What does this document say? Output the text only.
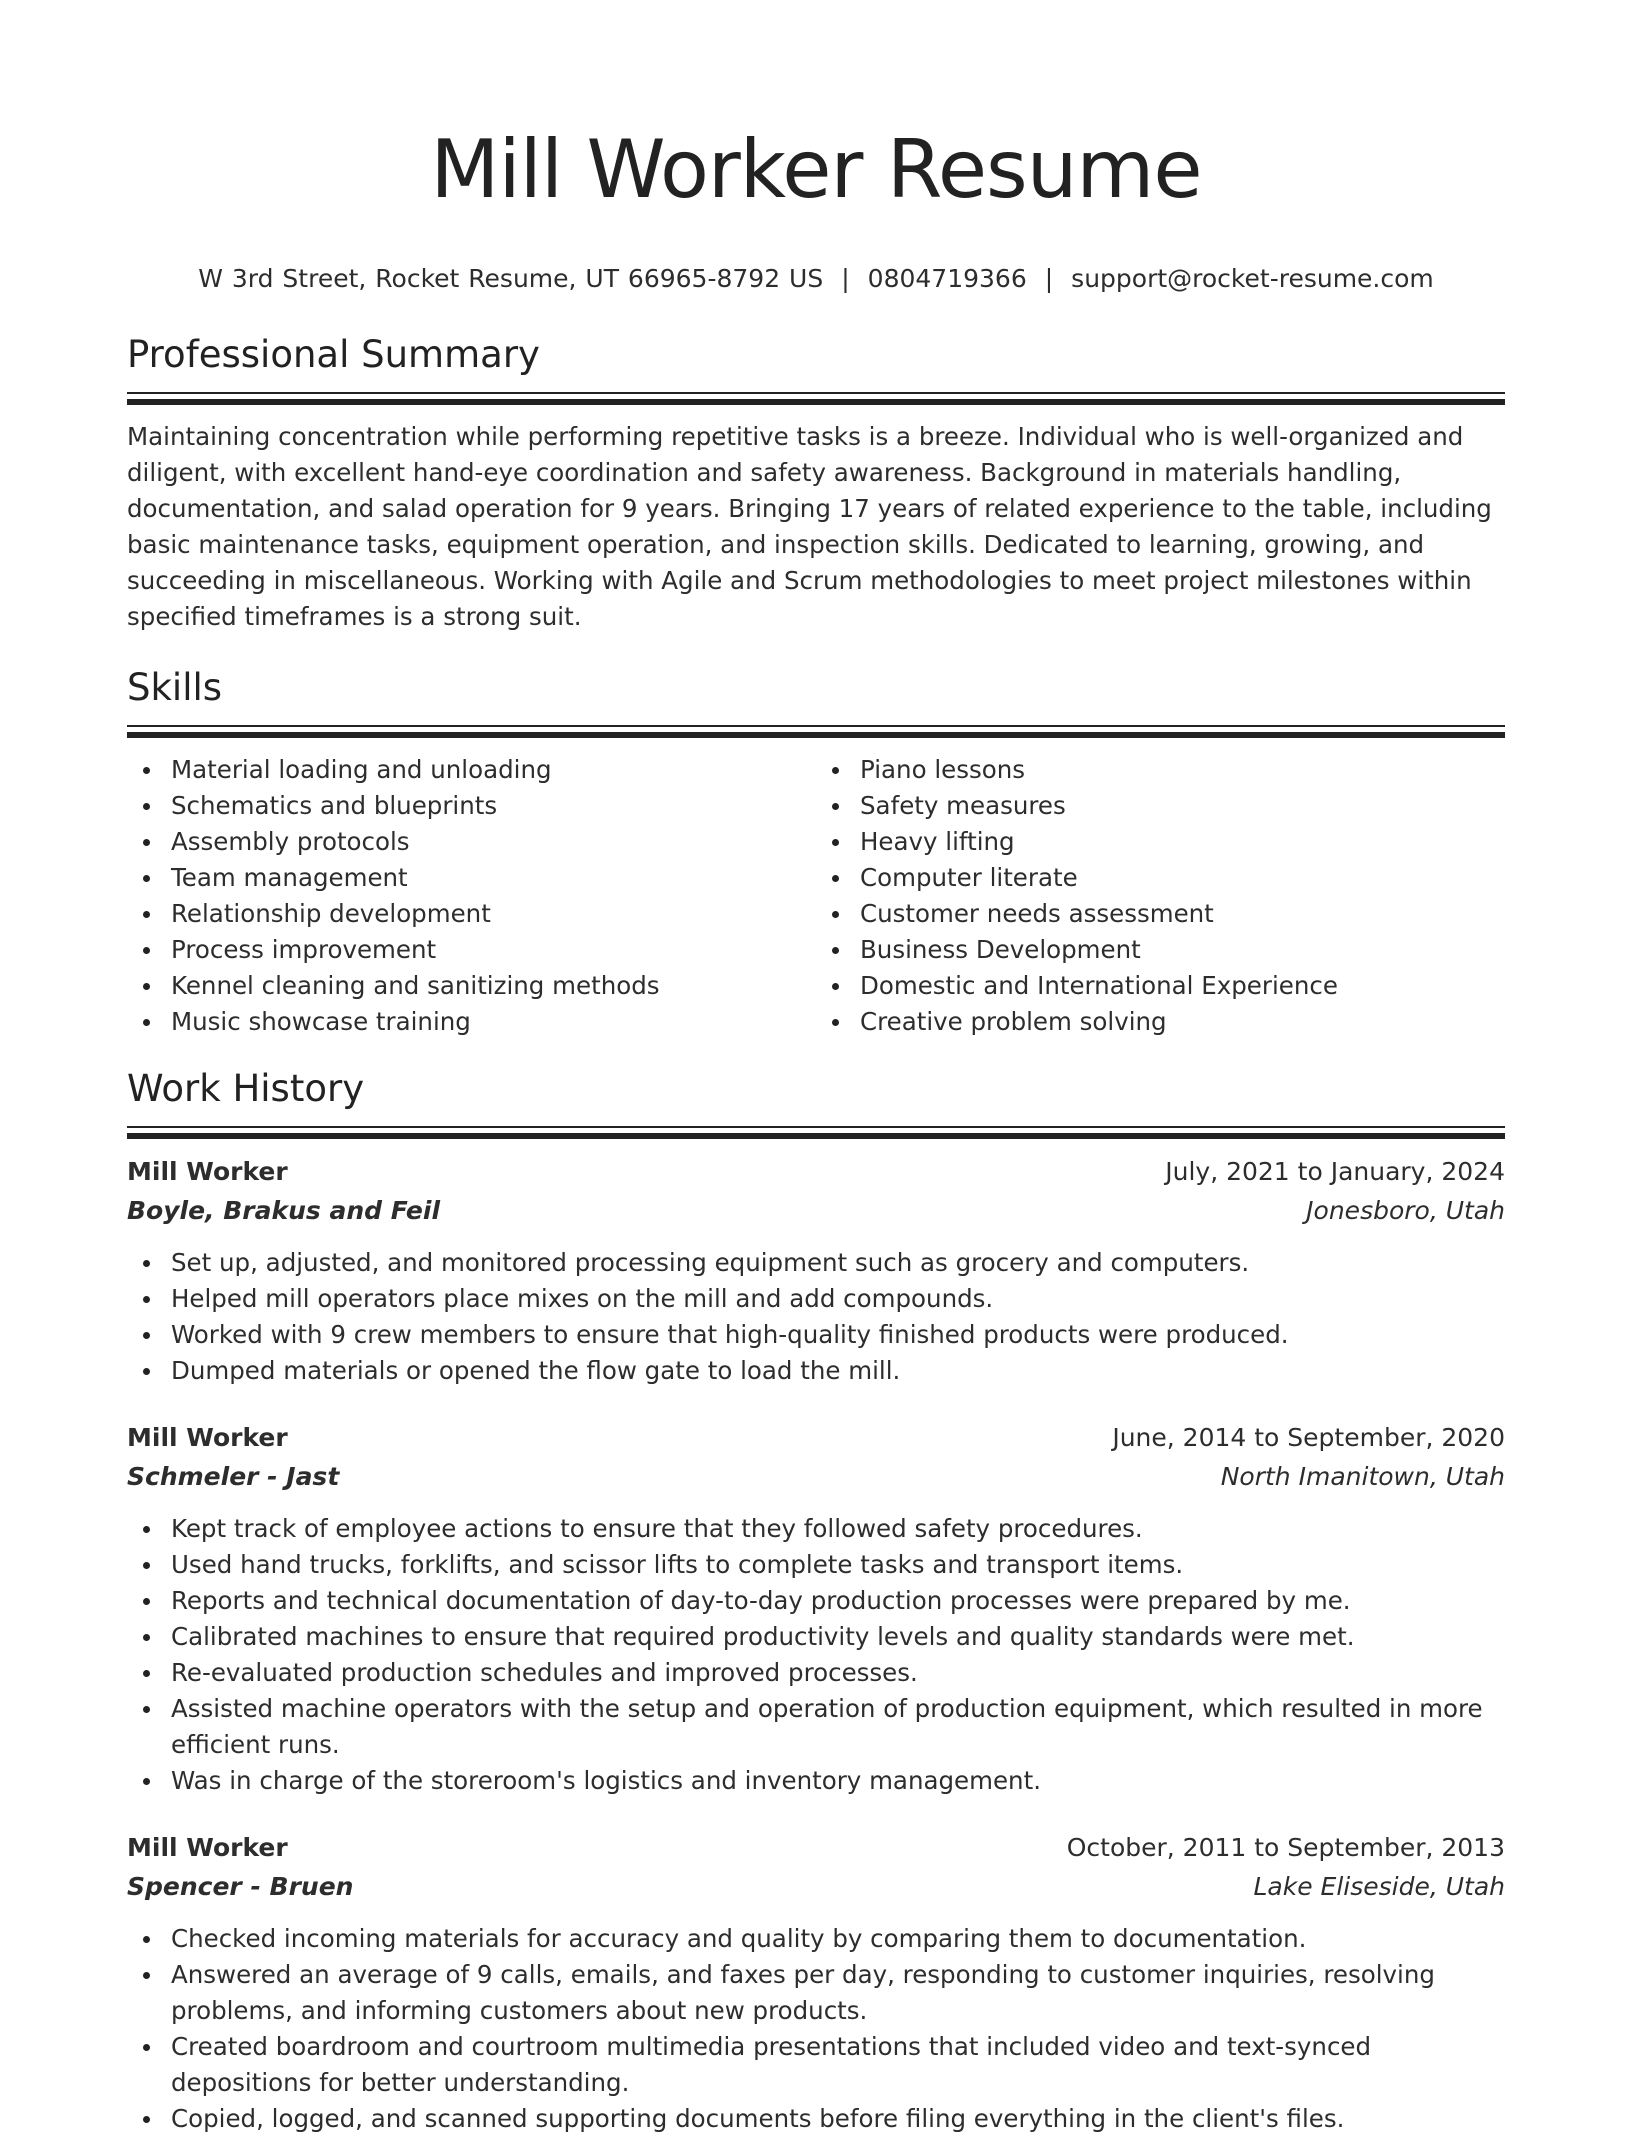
Mill Worker Resume
W 3rd Street, Rocket Resume, UT 66965-8792 US | 0804719366 | support@rocket-resume.com
Professional Summary

Maintaining concentration while performing repetitive tasks is a breeze. Individual who is well-organized and diligent, with excellent hand-eye coordination and safety awareness. Background in materials handling, documentation, and salad operation for 9 years. Bringing 17 years of related experience to the table, including basic maintenance tasks, equipment operation, and inspection skills. Dedicated to learning, growing, and succeeding in miscellaneous. Working with Agile and Scrum methodologies to meet project milestones within specified timeframes is a strong suit.

Skills
Material loading and unloading
Schematics and blueprints
Assembly protocols
Team management
Relationship development
Process improvement
Kennel cleaning and sanitizing methods
Music showcase training
Piano lessons
Safety measures
Heavy lifting
Computer literate
Customer needs assessment
Business Development
Domestic and International Experience
Creative problem solving
Work History
Mill Worker	July, 2021 to January, 2024
Boyle, Brakus and Feil	Jonesboro, Utah
Set up, adjusted, and monitored processing equipment such as grocery and computers.
Helped mill operators place mixes on the mill and add compounds.
Worked with 9 crew members to ensure that high-quality finished products were produced.
Dumped materials or opened the flow gate to load the mill.
Mill Worker	June, 2014 to September, 2020
Schmeler - Jast	North Imanitown, Utah
Kept track of employee actions to ensure that they followed safety procedures.
Used hand trucks, forklifts, and scissor lifts to complete tasks and transport items.
Reports and technical documentation of day-to-day production processes were prepared by me.
Calibrated machines to ensure that required productivity levels and quality standards were met.
Re-evaluated production schedules and improved processes.
Assisted machine operators with the setup and operation of production equipment, which resulted in more efficient runs.
Was in charge of the storeroom's logistics and inventory management.
Mill Worker	October, 2011 to September, 2013
Spencer - Bruen	Lake Eliseside, Utah
Checked incoming materials for accuracy and quality by comparing them to documentation.
Answered an average of 9 calls, emails, and faxes per day, responding to customer inquiries, resolving problems, and informing customers about new products.
Created boardroom and courtroom multimedia presentations that included video and text-synced depositions for better understanding.
Copied, logged, and scanned supporting documents before filing everything in the client's files.
